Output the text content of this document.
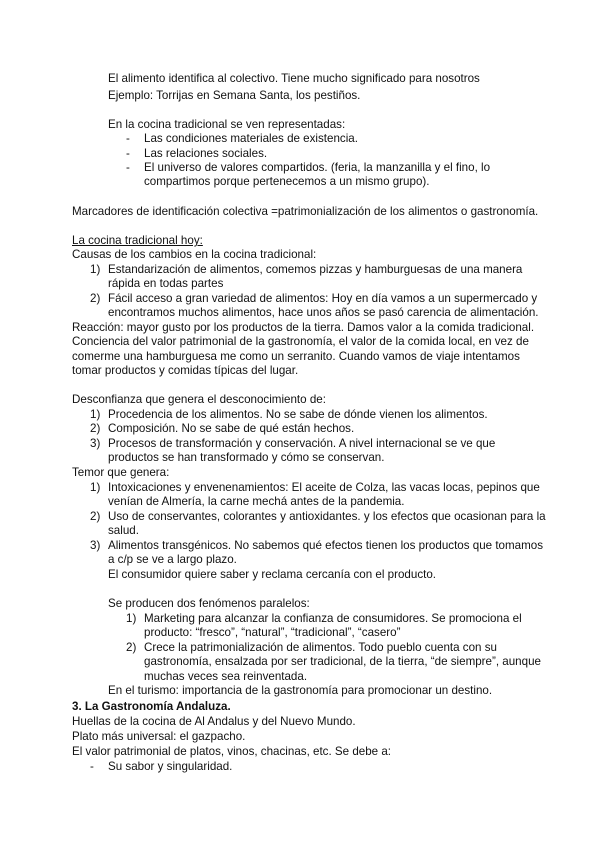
El alimento identifica al colectivo. Tiene mucho significado para nosotros
Ejemplo: Torrijas en Semana Santa, los pestiños.
En la cocina tradicional se ven representadas:
- Las condiciones materiales de existencia.
- Las relaciones sociales.
- El universo de valores compartidos. (feria, la manzanilla y el fino, lo
compartimos porque pertenecemos a un mismo grupo).
Marcadores de identificación colectiva =patrimonialización de los alimentos o gastronomía.
La cocina tradicional hoy:
Causas de los cambios en la cocina tradicional:
1) Estandarización de alimentos, comemos pizzas y hamburguesas de una manera
rápida en todas partes
2) Fácil acceso a gran variedad de alimentos: Hoy en día vamos a un supermercado y
encontramos muchos alimentos, hace unos años se pasó carencia de alimentación.
Reacción: mayor gusto por los productos de la tierra. Damos valor a la comida tradicional.
Conciencia del valor patrimonial de la gastronomía, el valor de la comida local, en vez de
comerme una hamburguesa me como un serranito. Cuando vamos de viaje intentamos
tomar productos y comidas típicas del lugar.
Desconfianza que genera el desconocimiento de:
1) Procedencia de los alimentos. No se sabe de dónde vienen los alimentos.
2) Composición. No se sabe de qué están hechos.
3) Procesos de transformación y conservación. A nivel internacional se ve que
productos se han transformado y cómo se conservan.
Temor que genera:
1) Intoxicaciones y envenenamientos: El aceite de Colza, las vacas locas, pepinos que
venían de Almería, la carne mechá antes de la pandemia.
2) Uso de conservantes, colorantes y antioxidantes. y los efectos que ocasionan para la
salud.
3) Alimentos transgénicos. No sabemos qué efectos tienen los productos que tomamos
a c/p se ve a largo plazo.
El consumidor quiere saber y reclama cercanía con el producto.
Se producen dos fenómenos paralelos:
1) Marketing para alcanzar la confianza de consumidores. Se promociona el
producto: “fresco”, “natural”, “tradicional”, “casero”
2) Crece la patrimonialización de alimentos. Todo pueblo cuenta con su
gastronomía, ensalzada por ser tradicional, de la tierra, “de siempre”, aunque
muchas veces sea reinventada.
En el turismo: importancia de la gastronomía para promocionar un destino.
3. La Gastronomía Andaluza.
Huellas de la cocina de Al Andalus y del Nuevo Mundo.
Plato más universal: el gazpacho.
El valor patrimonial de platos, vinos, chacinas, etc. Se debe a:
- Su sabor y singularidad.
